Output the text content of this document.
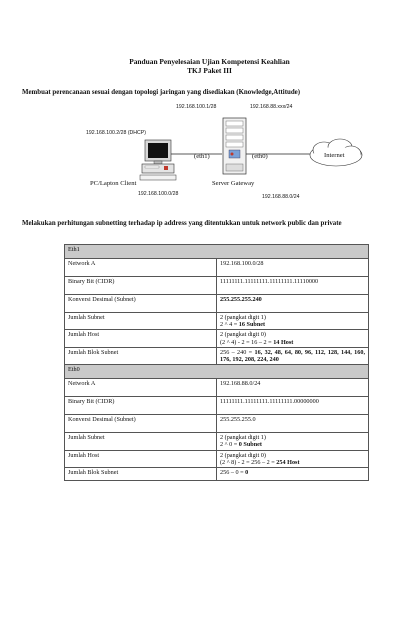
Panduan Penyelesaian Ujian Kompetensi Keahlian
TKJ Paket III
Membuat perencanaan sesuai dengan topologi jaringan yang disediakan (Knowledge,Attitude)
192.168.100.1/28	192.168.88.xxx/24
192.168.100.2/28 (DHCP)
(eth1)	(eth0)	Internet
PC/Lapton Client	Server Gateway
192.168.100.0/28	192.168.88.0/24
Melakukan perhitungan subnetting terhadap ip address yang ditentukkan untuk network public dan private
Eth1	
Network A	192.168.100.0/28
Binary Bit (CIDR)	11111111.11111111.11111111.11110000
Konversi Desimal (Subnet)	255.255.255.240
Jumlah Subnet	2 (pangkat digit 1)
2 ^ 4 = 16 Subnet

Jumlah Host	2 (pangkat digit 0)
(2 ^ 4) - 2 = 16 – 2 = 14 Host

Jumlah Blok Subnet	256 – 240 = 16, 32, 48, 64, 80, 96, 112, 128, 144, 160, 176, 192, 208, 224, 240
Eth0	
Network A	192.168.88.0/24
Binary Bit (CIDR)	11111111.11111111.11111111.00000000
Konversi Desimal (Subnet)	255.255.255.0
Jumlah Subnet	2 (pangkat digit 1)
2 ^ 0 = 0 Subnet

Jumlah Host	2 (pangkat digit 0)
(2 ^ 8) - 2 = 256 – 2 = 254 Host

Jumlah Blok Subnet	256 – 0 = 0
